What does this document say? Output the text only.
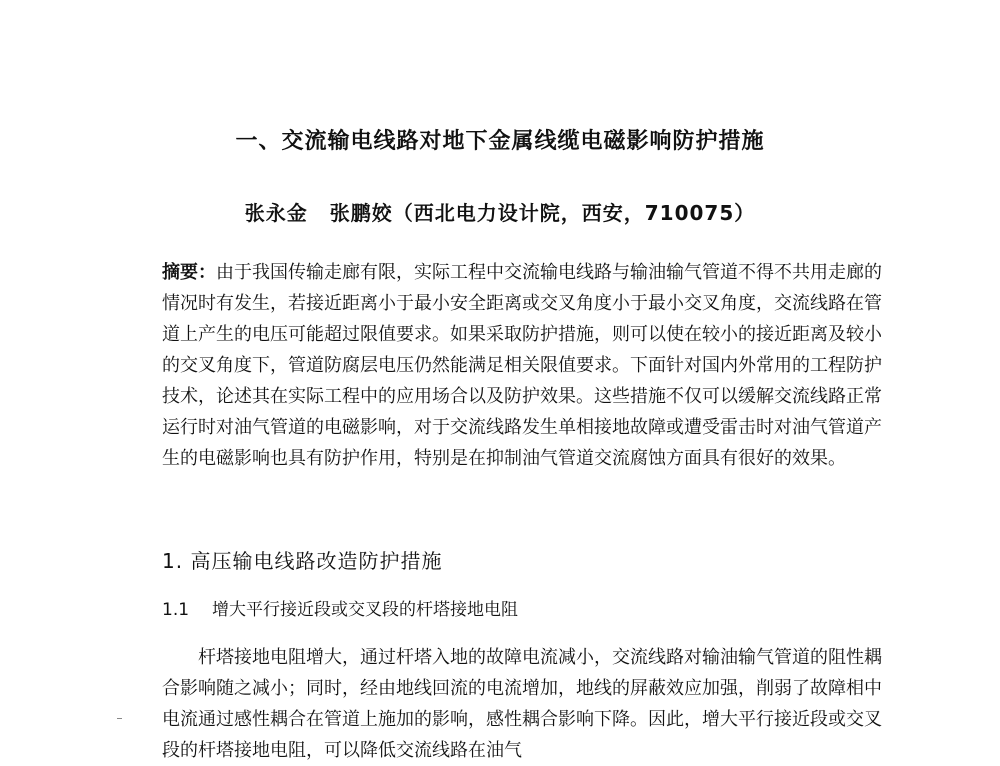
一、交流输电线路对地下金属线缆电磁影响防护措施
张永金 张鹏姣（西北电力设计院，西安，710075）
摘要：由于我国传输走廊有限，实际工程中交流输电线路与输油输气管道不得不共用走廊的情况时有发生，若接近距离小于最小安全距离或交叉角度小于最小交叉角度，交流线路在管道上产生的电压可能超过限值要求。如果采取防护措施，则可以使在较小的接近距离及较小的交叉角度下，管道防腐层电压仍然能满足相关限值要求。下面针对国内外常用的工程防护技术，论述其在实际工程中的应用场合以及防护效果。这些措施不仅可以缓解交流线路正常运行时对油气管道的电磁影响，对于交流线路发生单相接地故障或遭受雷击时对油气管道产生的电磁影响也具有防护作用，特别是在抑制油气管道交流腐蚀方面具有很好的效果。
1. 高压输电线路改造防护措施
1.1 增大平行接近段或交叉段的杆塔接地电阻
杆塔接地电阻增大，通过杆塔入地的故障电流减小，交流线路对输油输气管道的阻性耦合影响随之减小；同时，经由地线回流的电流增加，地线的屏蔽效应加强，削弱了故障相中电流通过感性耦合在管道上施加的影响，感性耦合影响下降。因此，增大平行接近段或交叉段的杆塔接地电阻，可以降低交流线路在油气
